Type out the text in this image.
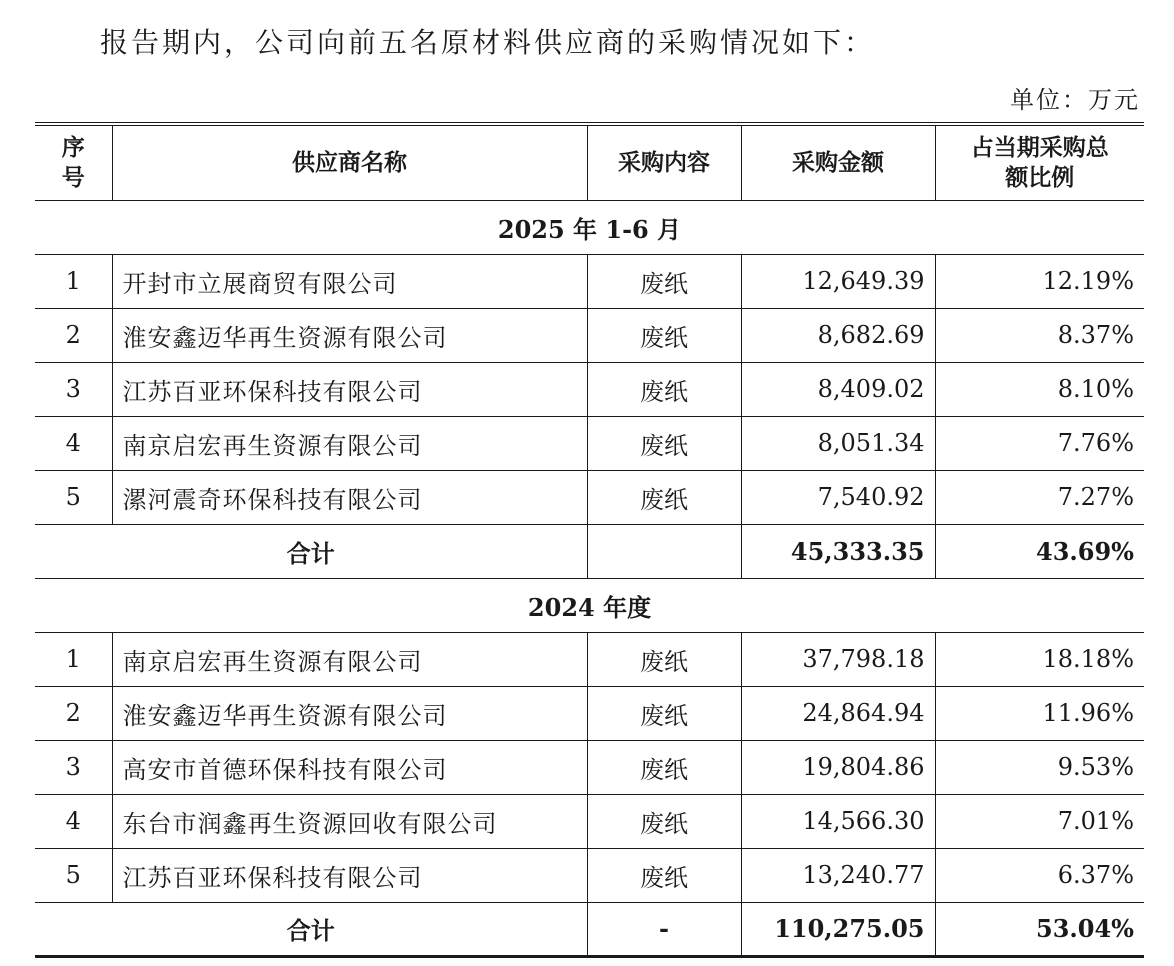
报告期内，公司向前五名原材料供应商的采购情况如下：
单位：万元
序号	供应商名称	采购内容	采购金额	占当期采购总
额比例

2025 年 1-6 月				
1	开封市立展商贸有限公司	废纸	12,649.39	12.19%
2	淮安鑫迈华再生资源有限公司	废纸	8,682.69	8.37%
3	江苏百亚环保科技有限公司	废纸	8,409.02	8.10%
4	南京启宏再生资源有限公司	废纸	8,051.34	7.76%
5	漯河震奇环保科技有限公司	废纸	7,540.92	7.27%
合计			45,333.35	43.69%
2024 年度				
1	南京启宏再生资源有限公司	废纸	37,798.18	18.18%
2	淮安鑫迈华再生资源有限公司	废纸	24,864.94	11.96%
3	高安市首德环保科技有限公司	废纸	19,804.86	9.53%
4	东台市润鑫再生资源回收有限公司	废纸	14,566.30	7.01%
5	江苏百亚环保科技有限公司	废纸	13,240.77	6.37%
合计		-	110,275.05	53.04%
